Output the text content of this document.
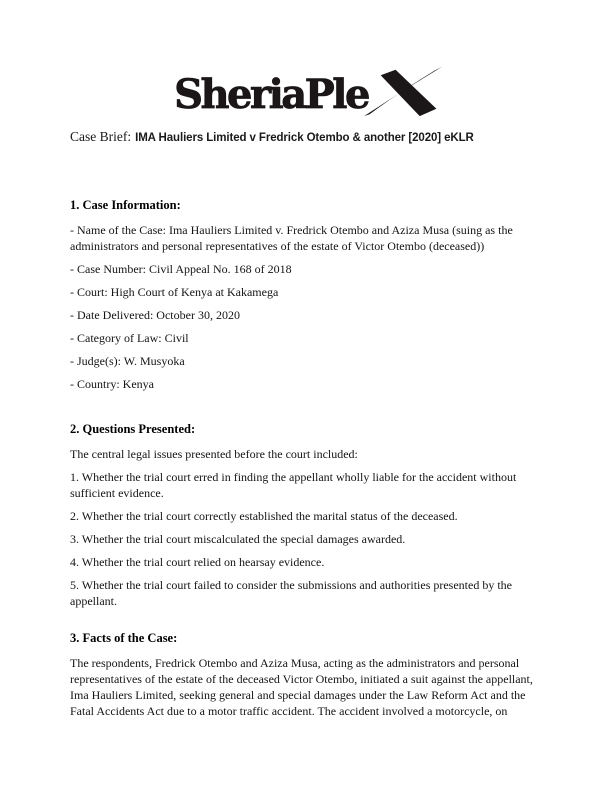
SheriaPle
Case Brief: IMA Hauliers Limited v Fredrick Otembo & another [2020] eKLR
1. Case Information:

- Name of the Case: Ima Hauliers Limited v. Fredrick Otembo and Aziza Musa (suing as the administrators and personal representatives of the estate of Victor Otembo (deceased))

- Case Number: Civil Appeal No. 168 of 2018

- Court: High Court of Kenya at Kakamega

- Date Delivered: October 30, 2020

- Category of Law: Civil

- Judge(s): W. Musyoka

- Country: Kenya

2. Questions Presented:

The central legal issues presented before the court included:

1. Whether the trial court erred in finding the appellant wholly liable for the accident without sufficient evidence.

2. Whether the trial court correctly established the marital status of the deceased.

3. Whether the trial court miscalculated the special damages awarded.

4. Whether the trial court relied on hearsay evidence.

5. Whether the trial court failed to consider the submissions and authorities presented by the appellant.

3. Facts of the Case:

The respondents, Fredrick Otembo and Aziza Musa, acting as the administrators and personal representatives of the estate of the deceased Victor Otembo, initiated a suit against the appellant, Ima Hauliers Limited, seeking general and special damages under the Law Reform Act and the Fatal Accidents Act due to a motor traffic accident. The accident involved a motorcycle, on
